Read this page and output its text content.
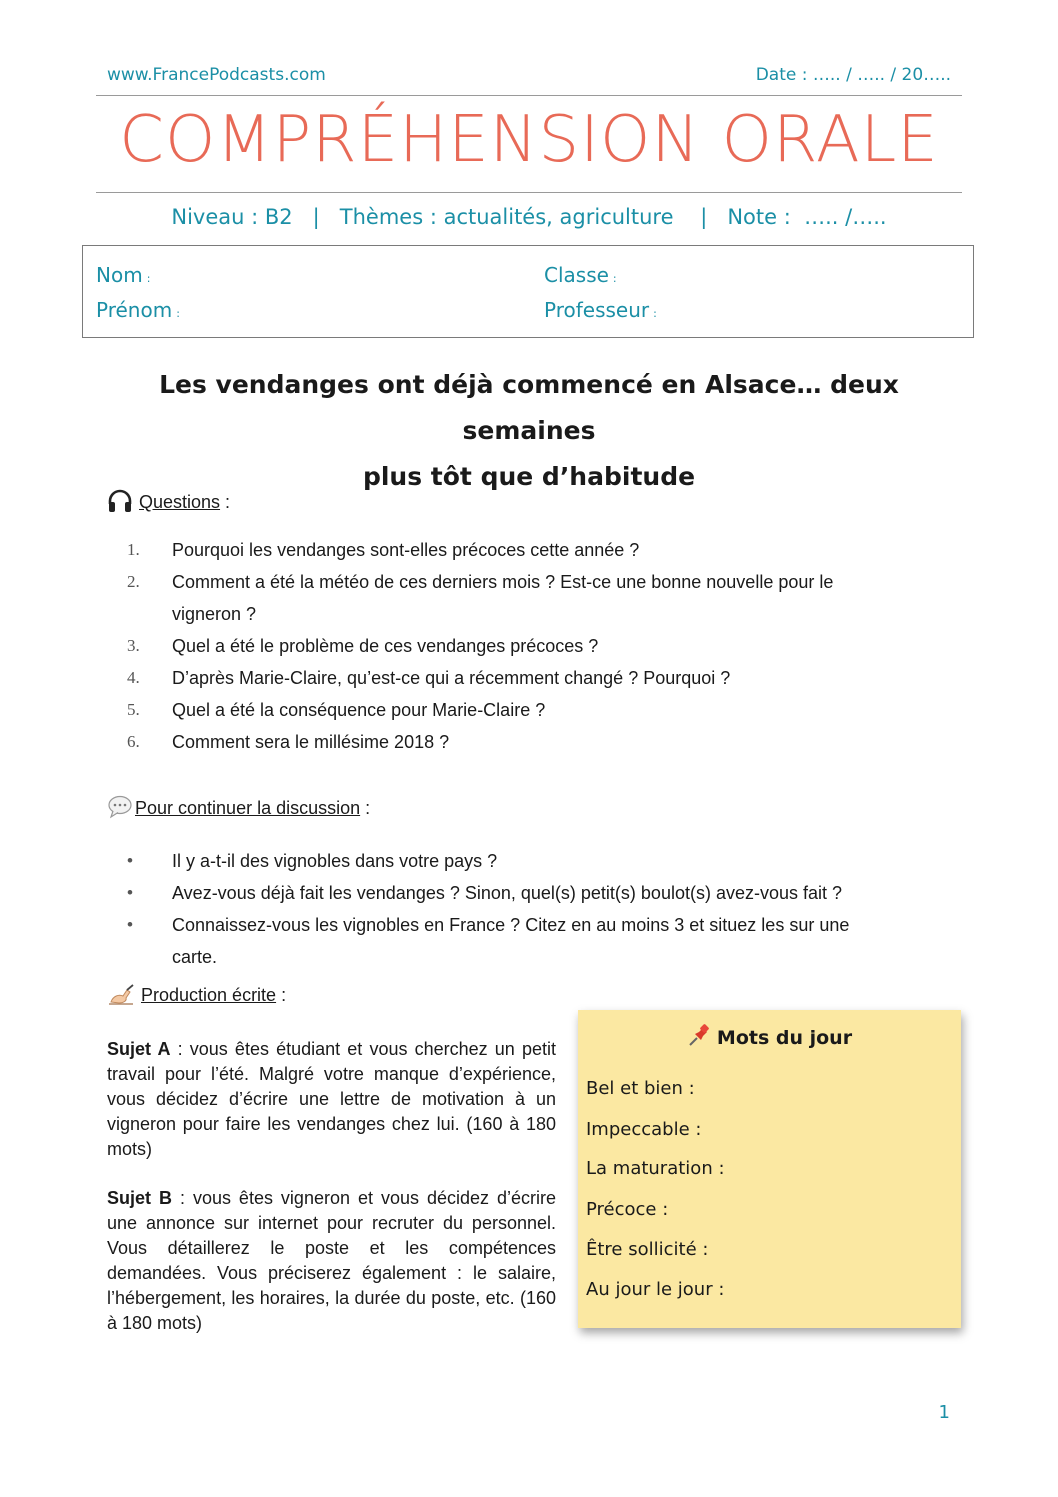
www.FrancePodcasts.com	Date : ….. / ….. / 20…..
COMPRÉHENSION ORALE
Niveau : B2   |   Thèmes : actualités, agriculture    |   Note :  ….. /…..
Nom :
Prénom :
Classe :
Professeur :
Les vendanges ont déjà commencé en Alsace… deux semaines
plus tôt que d’habitude
Questions :
1. Pourquoi les vendanges sont-elles précoces cette année ?
2. Comment a été la météo de ces derniers mois ? Est-ce une bonne nouvelle pour le
vigneron ?
3. Quel a été le problème de ces vendanges précoces ?
4. D’après Marie-Claire, qu’est-ce qui a récemment changé ? Pourquoi ?
5. Quel a été la conséquence pour Marie-Claire ?
6. Comment sera le millésime 2018 ?
Pour continuer la discussion :
• Il y a-t-il des vignobles dans votre pays ?
• Avez-vous déjà fait les vendanges ? Sinon, quel(s) petit(s) boulot(s) avez-vous fait ?
• Connaissez-vous les vignobles en France ? Citez en au moins 3 et situez les sur une
carte.
Production écrite :
Sujet A : vous êtes étudiant et vous cherchez un petit travail pour l’été. Malgré votre manque d’expérience, vous décidez d’écrire une lettre de motivation à un vigneron pour faire les vendanges chez lui. (160 à 180 mots)
Sujet B : vous êtes vigneron et vous décidez d’écrire une annonce sur internet pour recruter du personnel. Vous détaillerez le poste et les compétences demandées. Vous préciserez également : le salaire, l’hébergement, les horaires, la durée du poste, etc. (160 à 180 mots)
Mots du jour
Bel et bien :
Impeccable :
La maturation :
Précoce :
Être sollicité :
Au jour le jour :
1
